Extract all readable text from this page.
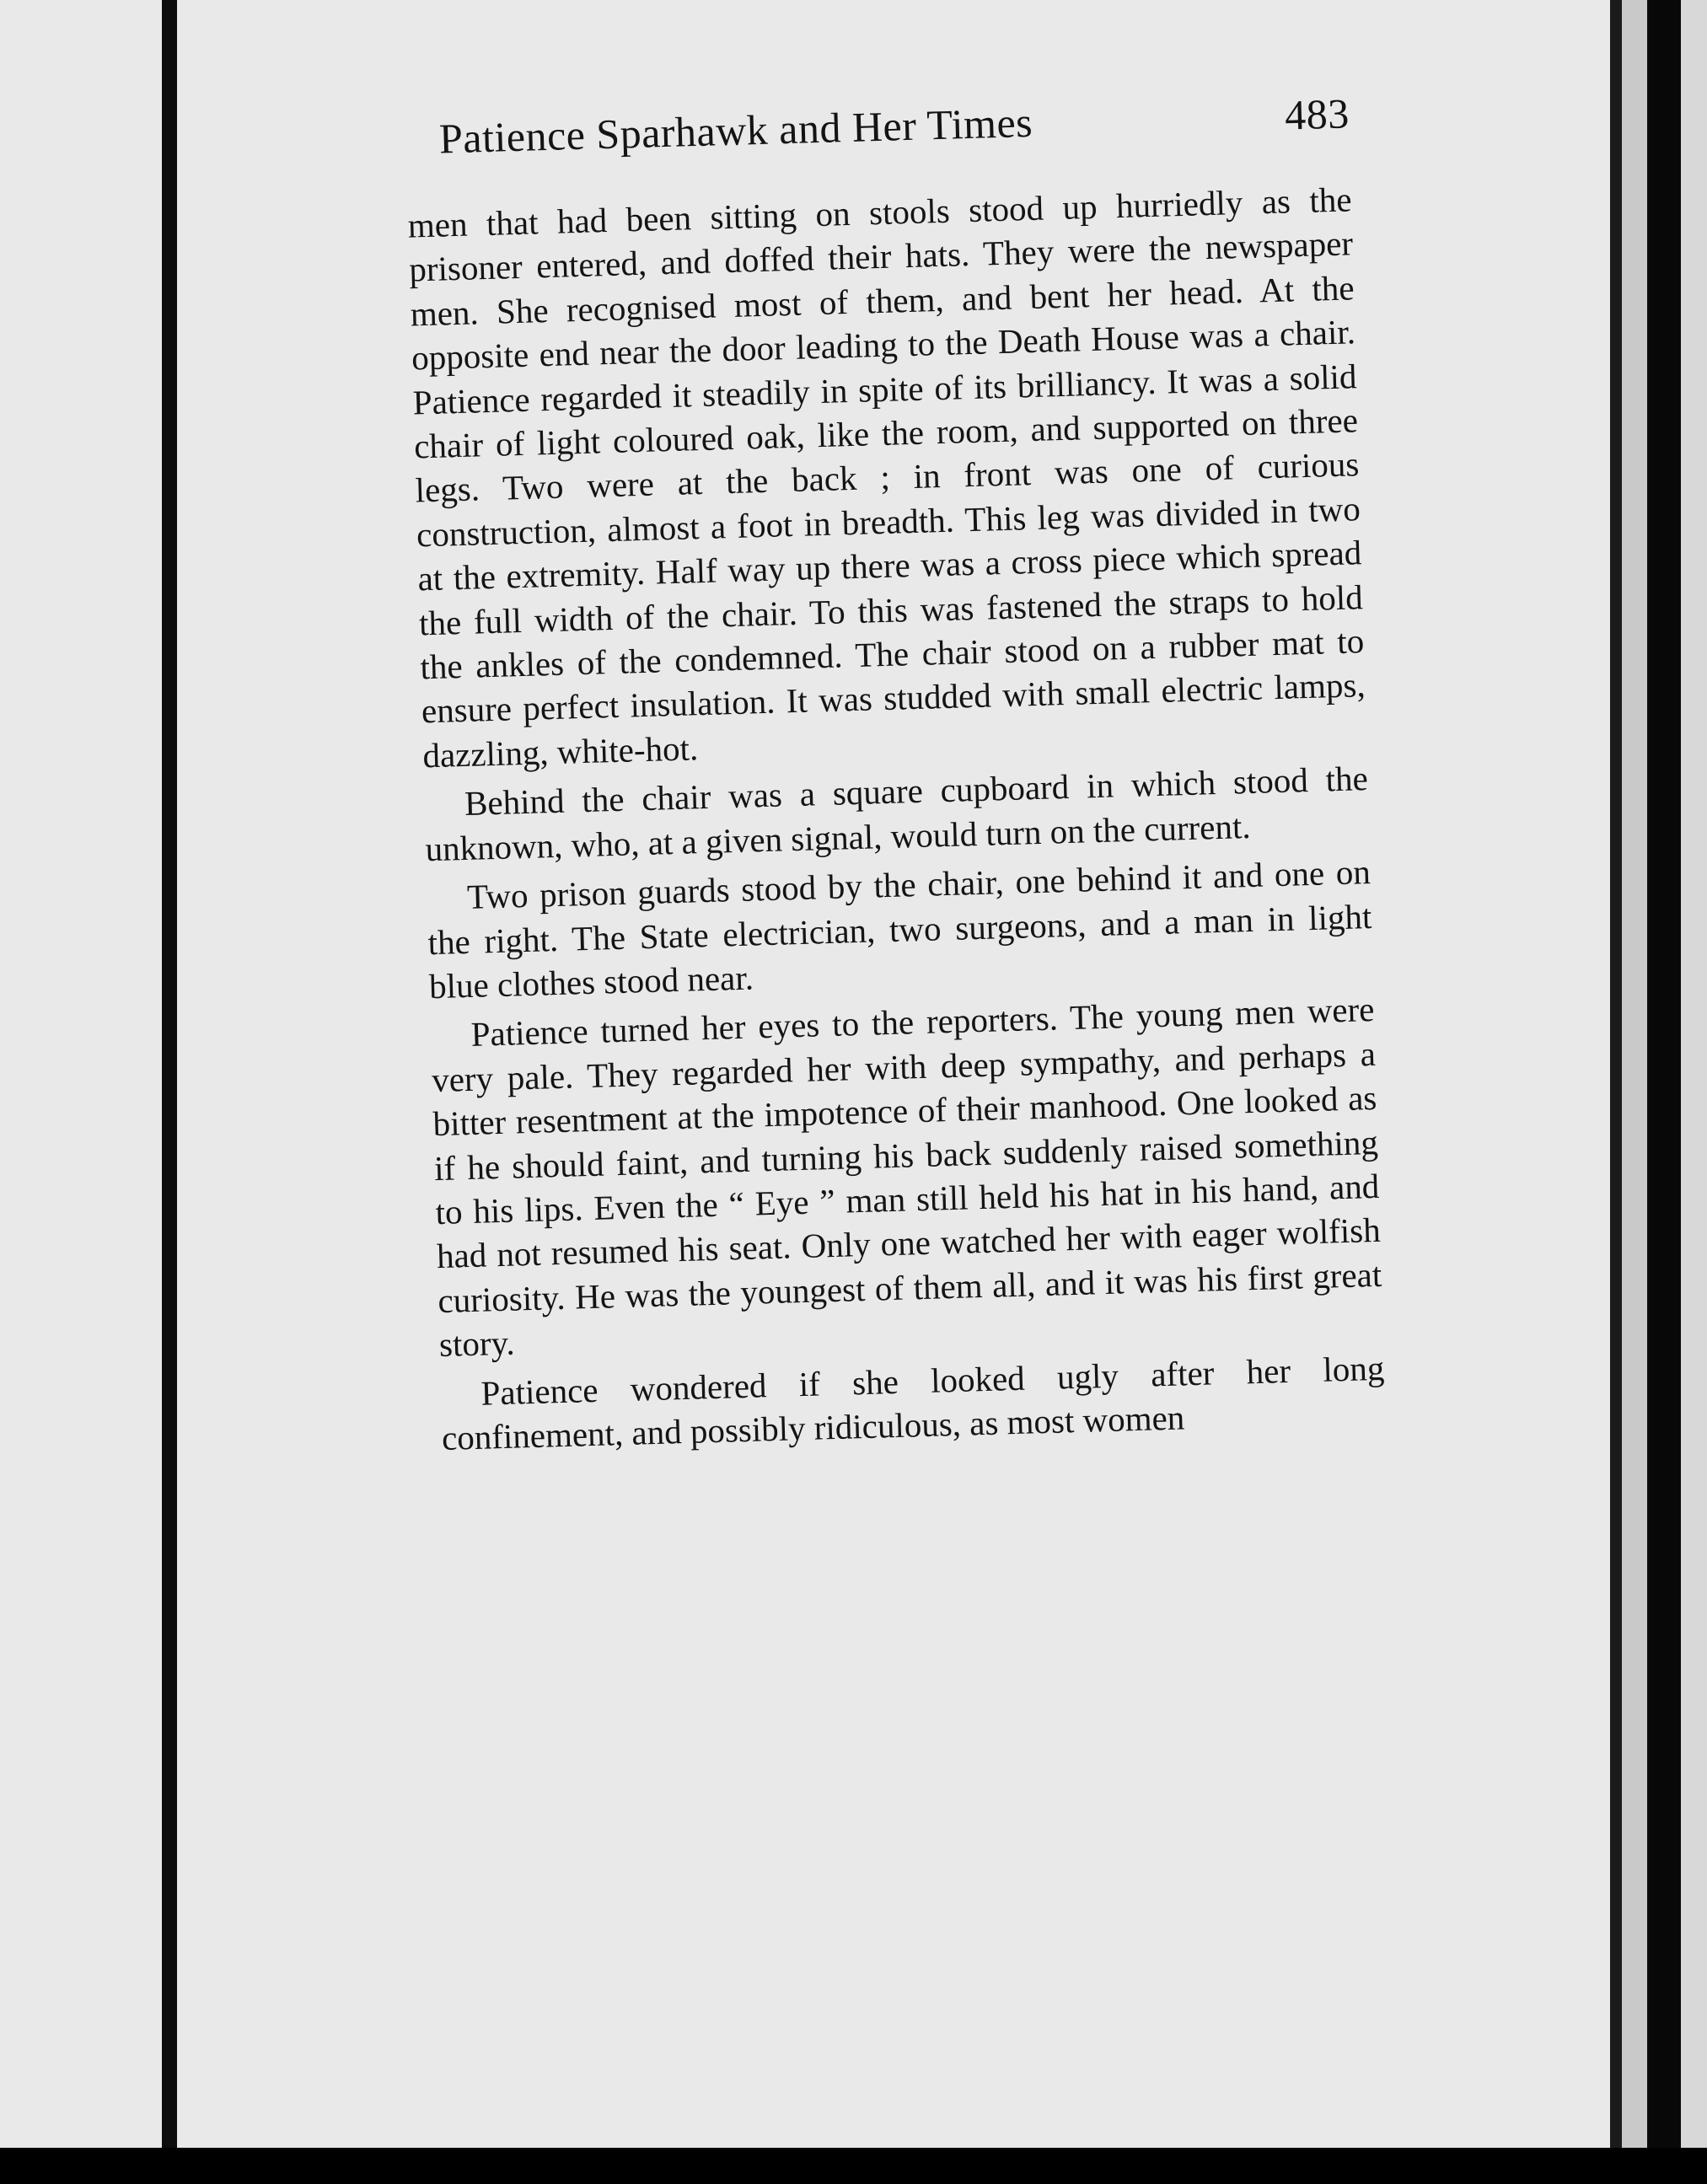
Patience Sparhawk and Her Times	483

men that had been sitting on stools stood up hurriedly as the prisoner entered, and doffed their hats. They were the newspaper men. She recognised most of them, and bent her head. At the opposite end near the door leading to the Death House was a chair. Patience regarded it steadily in spite of its brilliancy. It was a solid chair of light coloured oak, like the room, and supported on three legs. Two were at the back ; in front was one of curious construction, almost a foot in breadth. This leg was divided in two at the extremity. Half way up there was a cross piece which spread the full width of the chair. To this was fastened the straps to hold the ankles of the condemned. The chair stood on a rubber mat to ensure perfect insulation. It was studded with small electric lamps, dazzling, white-hot.

Behind the chair was a square cupboard in which stood the unknown, who, at a given signal, would turn on the current.

Two prison guards stood by the chair, one behind it and one on the right. The State electrician, two surgeons, and a man in light blue clothes stood near.

Patience turned her eyes to the reporters. The young men were very pale. They regarded her with deep sympathy, and perhaps a bitter resentment at the impotence of their manhood. One looked as if he should faint, and turning his back suddenly raised something to his lips. Even the “ Eye ” man still held his hat in his hand, and had not resumed his seat. Only one watched her with eager wolfish curiosity. He was the youngest of them all, and it was his first great story.

Patience wondered if she looked ugly after her long confinement, and possibly ridiculous, as most women
